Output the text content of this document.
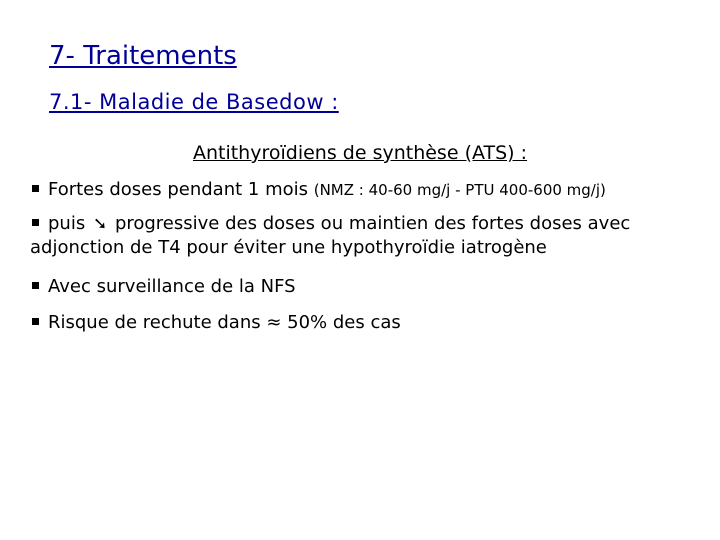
7- Traitements
7.1- Maladie de Basedow :
Antithyroïdiens de synthèse (ATS) :
Fortes doses pendant 1 mois (NMZ : 40-60 mg/j - PTU 400-600 mg/j)
puis ➘ progressive des doses ou maintien des fortes doses avec
adjonction de T4 pour éviter une hypothyroïdie iatrogène
Avec surveillance de la NFS
Risque de rechute dans ≈ 50% des cas
